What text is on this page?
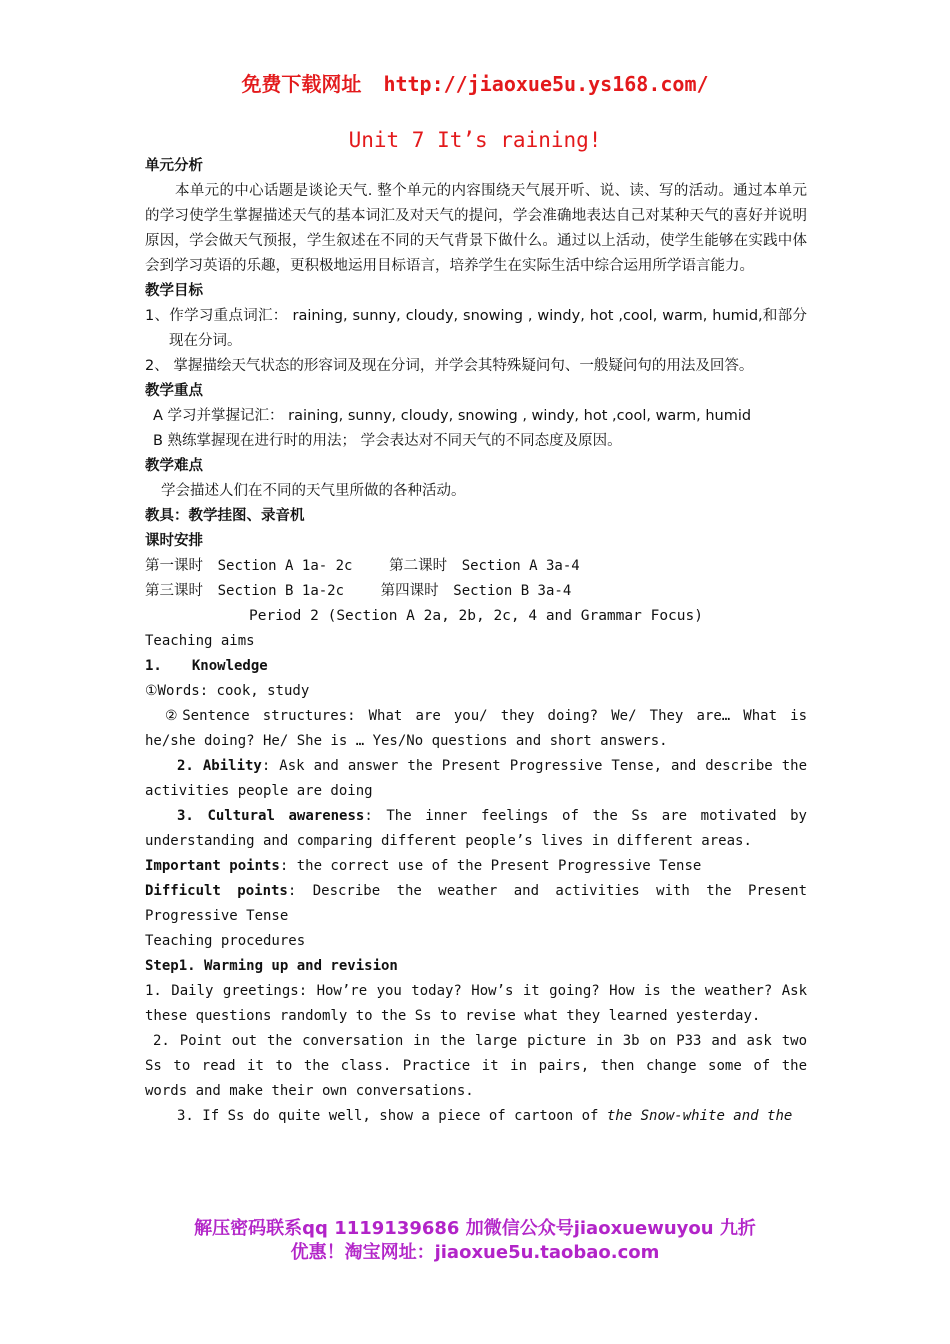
免费下载网址 http://jiaoxue5u.ys168.com/
Unit 7 It’s raining!

单元分析

本单元的中心话题是谈论天气. 整个单元的内容围绕天气展开听、说、读、写的活动。通过本单元的学习使学生掌握描述天气的基本词汇及对天气的提问，学会准确地表达自己对某种天气的喜好并说明原因，学会做天气预报，学生叙述在不同的天气背景下做什么。通过以上活动，使学生能够在实践中体会到学习英语的乐趣，更积极地运用目标语言，培养学生在实际生活中综合运用所学语言能力。

教学目标

1、作学习重点词汇： raining, sunny, cloudy, snowing , windy, hot ,cool, warm, humid,和部分现在分词。

2、 掌握描绘天气状态的形容词及现在分词，并学会其特殊疑问句、一般疑问句的用法及回答。

教学重点

A 学习并掌握记汇： raining, sunny, cloudy, snowing , windy, hot ,cool, warm, humid

B 熟练掌握现在进行时的用法； 学会表达对不同天气的不同态度及原因。

教学难点

学会描述人们在不同的天气里所做的各种活动。

教具：教学挂图、录音机

课时安排

第一课时 Section A 1a- 2c	第二课时 Section A 3a-4

第三课时 Section B 1a-2c	第四课时 Section B 3a-4

Period 2 (Section A 2a, 2b, 2c, 4 and Grammar Focus)

Teaching aims

1. Knowledge

①Words: cook, study

②Sentence structures: What are you/ they doing? We/ They are… What is he/she doing? He/ She is … Yes/No questions and short answers.

2. Ability: Ask and answer the Present Progressive Tense, and describe the activities people are doing

3. Cultural awareness: The inner feelings of the Ss are motivated by understanding and comparing different people’s lives in different areas.

Important points: the correct use of the Present Progressive Tense

Difficult points: Describe the weather and activities with the Present Progressive Tense

Teaching procedures

Step1. Warming up and revision

1. Daily greetings: How’re you today? How’s it going? How is the weather? Ask these questions randomly to the Ss to revise what they learned yesterday.

2. Point out the conversation in the large picture in 3b on P33 and ask two Ss to read it to the class. Practice it in pairs, then change some of the words and make their own conversations.

3. If Ss do quite well, show a piece of cartoon of the Snow-white and the

解压密码联系qq 1119139686 加微信公众号jiaoxuewuyou 九折
优惠！淘宝网址：jiaoxue5u.taobao.com
